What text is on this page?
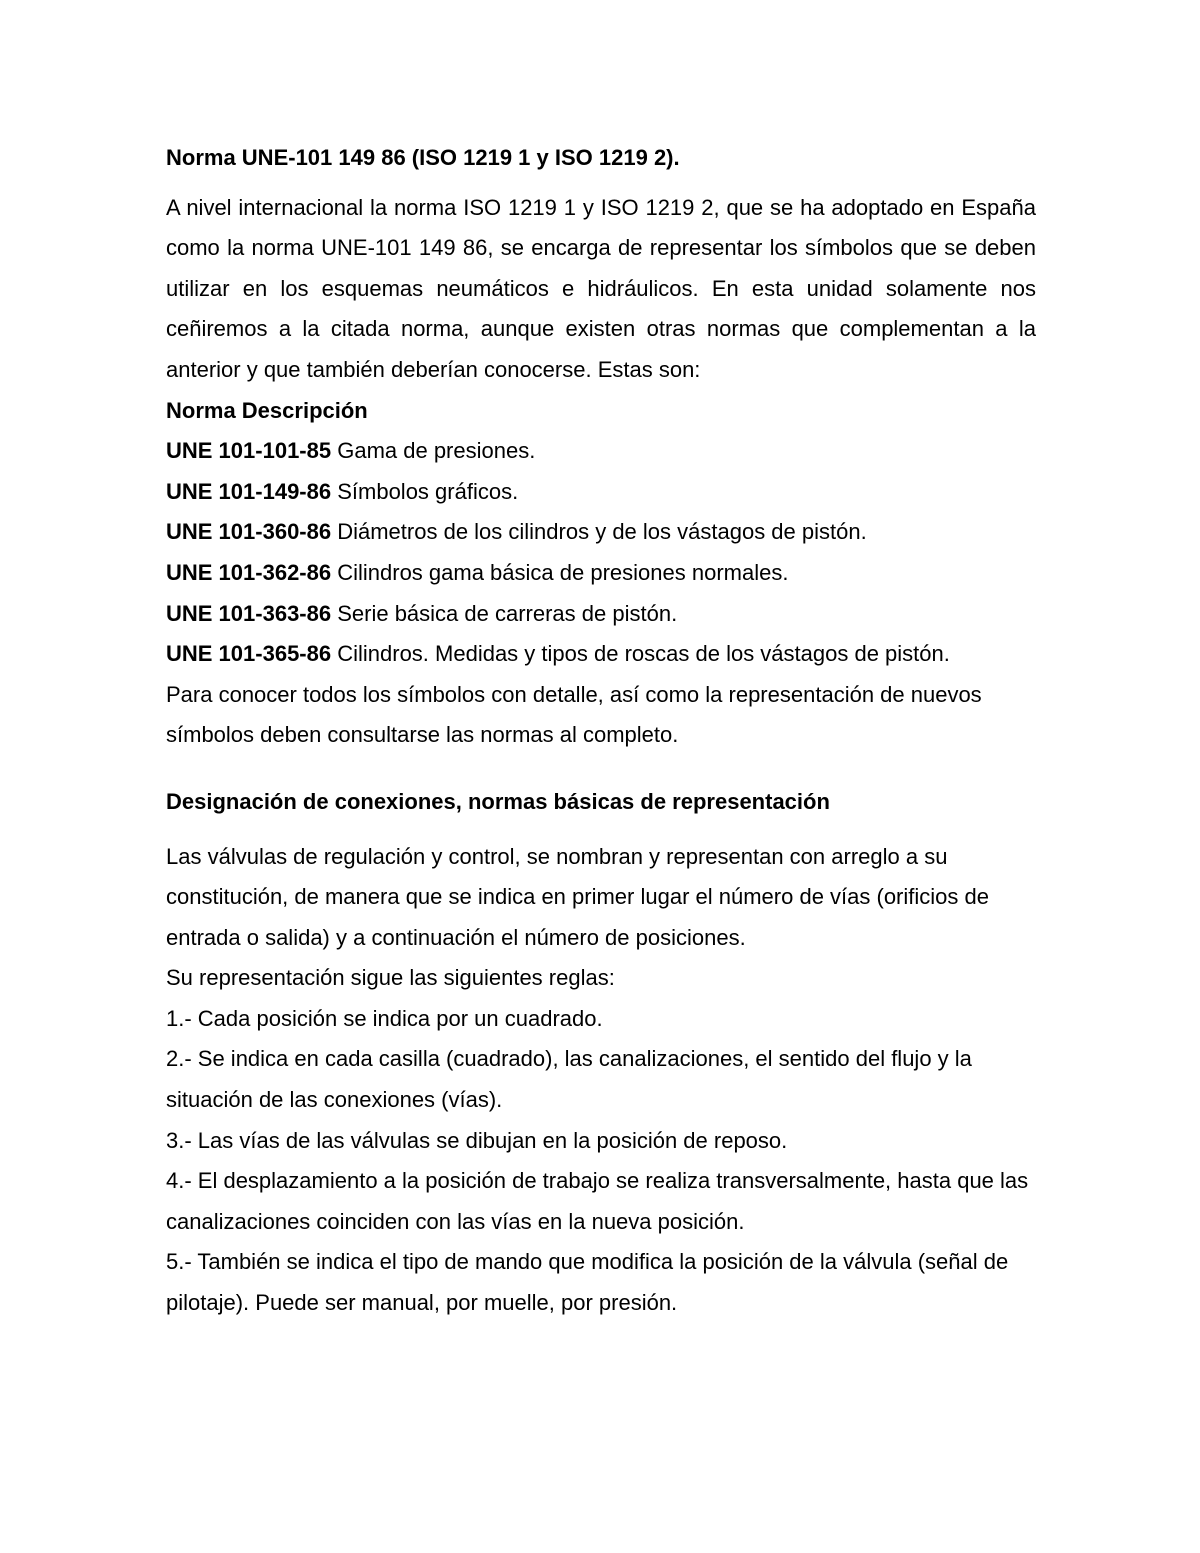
Norma UNE-101 149 86 (ISO 1219 1 y ISO 1219 2).

A nivel internacional la norma ISO 1219 1 y ISO 1219 2, que se ha adoptado en España como la norma UNE-101 149 86, se encarga de representar los símbolos que se deben utilizar en los esquemas neumáticos e hidráulicos. En esta unidad solamente nos ceñiremos a la citada norma, aunque existen otras normas que complementan a la anterior y que también deberían conocerse. Estas son:

Norma Descripción

UNE 101-101-85 Gama de presiones.

UNE 101-149-86 Símbolos gráficos.

UNE 101-360-86 Diámetros de los cilindros y de los vástagos de pistón.

UNE 101-362-86 Cilindros gama básica de presiones normales.

UNE 101-363-86 Serie básica de carreras de pistón.

UNE 101-365-86 Cilindros. Medidas y tipos de roscas de los vástagos de pistón.

Para conocer todos los símbolos con detalle, así como la representación de nuevos símbolos deben consultarse las normas al completo.

Designación de conexiones, normas básicas de representación

Las válvulas de regulación y control, se nombran y representan con arreglo a su constitución, de manera que se indica en primer lugar el número de vías (orificios de entrada o salida) y a continuación el número de posiciones.

Su representación sigue las siguientes reglas:

1.- Cada posición se indica por un cuadrado.

2.- Se indica en cada casilla (cuadrado), las canalizaciones, el sentido del flujo y la situación de las conexiones (vías).

3.- Las vías de las válvulas se dibujan en la posición de reposo.

4.- El desplazamiento a la posición de trabajo se realiza transversalmente, hasta que las canalizaciones coinciden con las vías en la nueva posición.

5.- También se indica el tipo de mando que modifica la posición de la válvula (señal de pilotaje). Puede ser manual, por muelle, por presión.
